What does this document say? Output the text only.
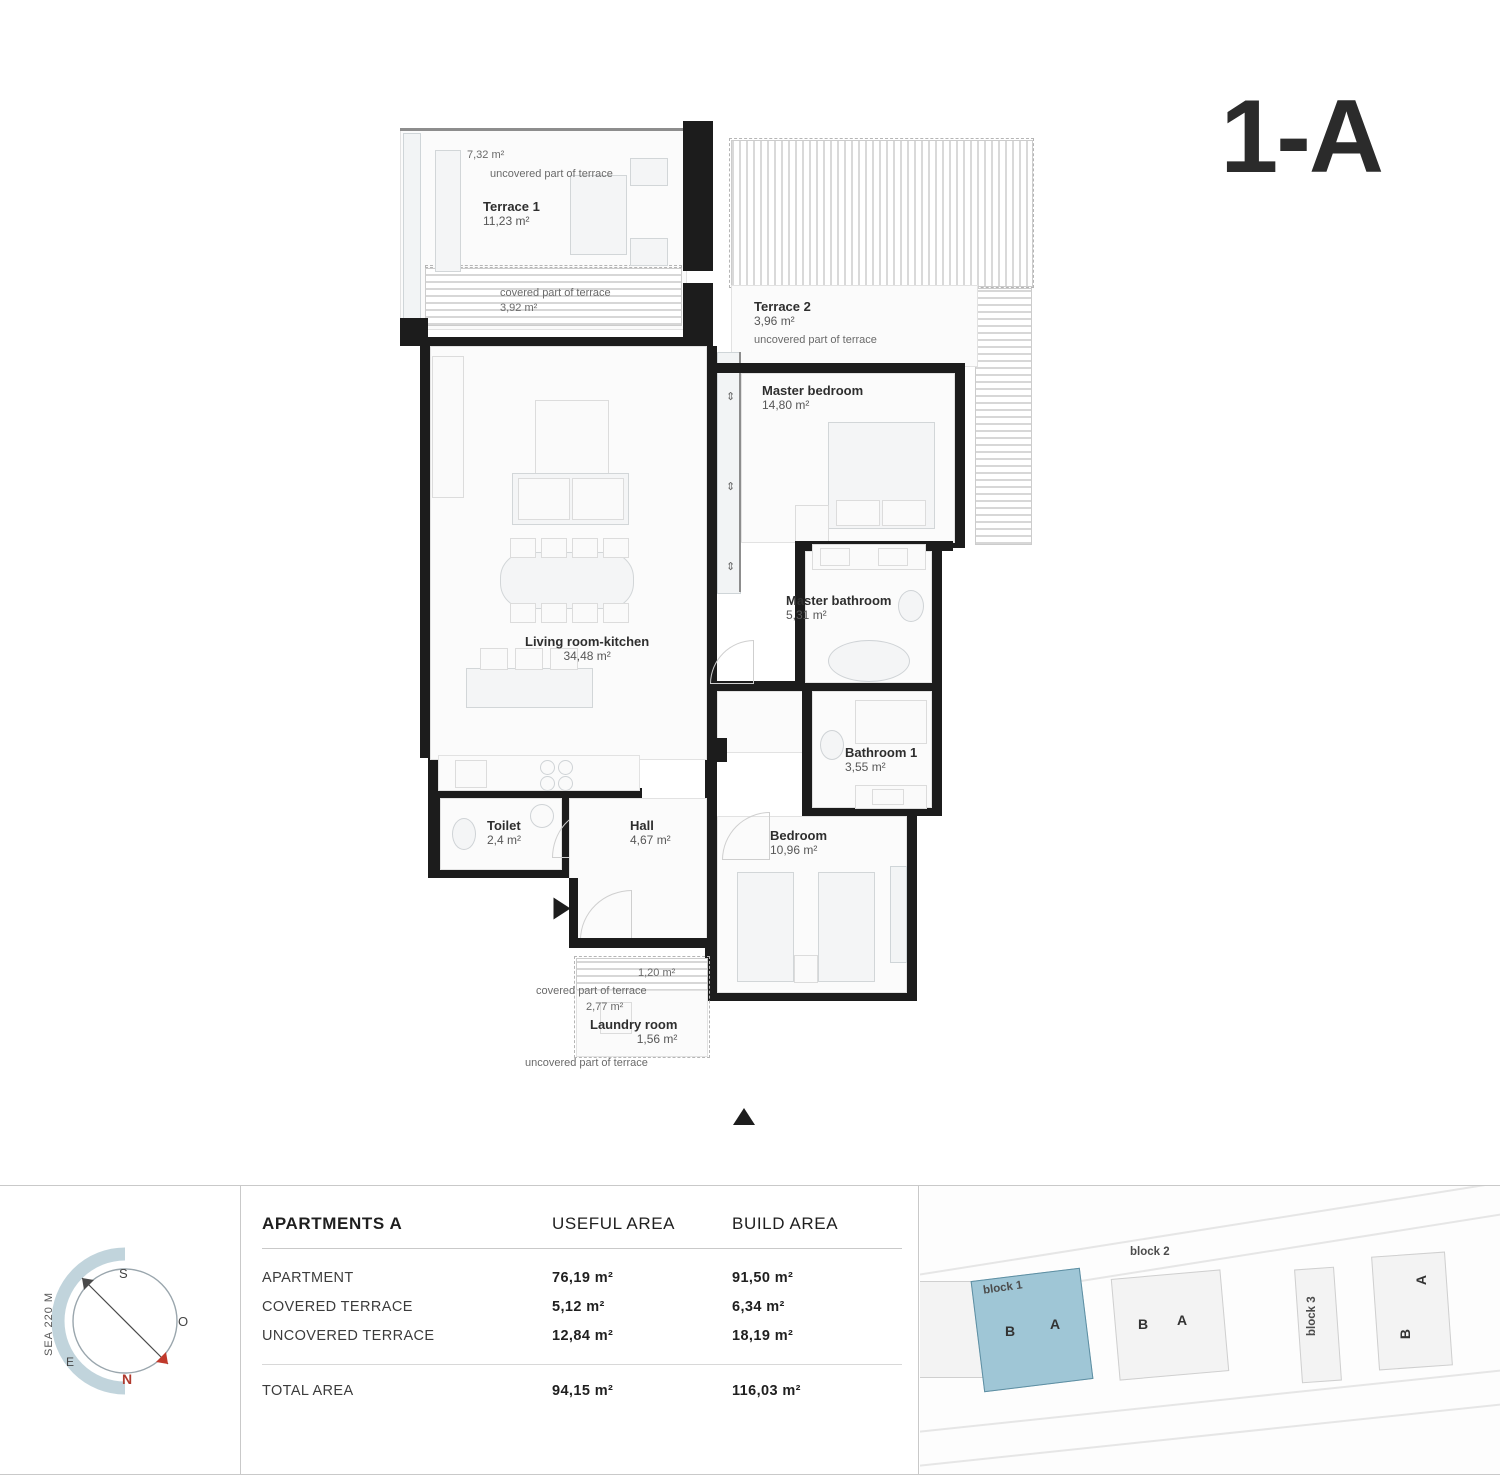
1-A
7,32 m²
uncovered part of terrace
Terrace 1
11,23 m²
covered part of terrace
3,92 m²	Terrace 2
3,96 m²
uncovered part of terrace
⇕
⇕
⇕
Living room-kitchen
34,48 m²
Toilet
2,4 m²
Hall
4,67 m²
Master bedroom
14,80 m²
Master bathroom
5,31 m²
Bathroom 1
3,55 m²
Bedroom
10,96 m²
1,20 m²
covered part of terrace
2,77 m²
Laundry room
1,56 m²
uncovered part of terrace
S
O
N
E
SEA 220 M
APARTMENTS A	USEFUL AREA	BUILD AREA
APARTMENT	76,19 m²	91,50 m²
COVERED TERRACE	5,12 m²	6,34 m²
UNCOVERED TERRACE	12,84 m²	18,19 m²
TOTAL AREA	94,15 m²	116,03 m²
B A
block 1
B A
block 2
block 3
A
B
